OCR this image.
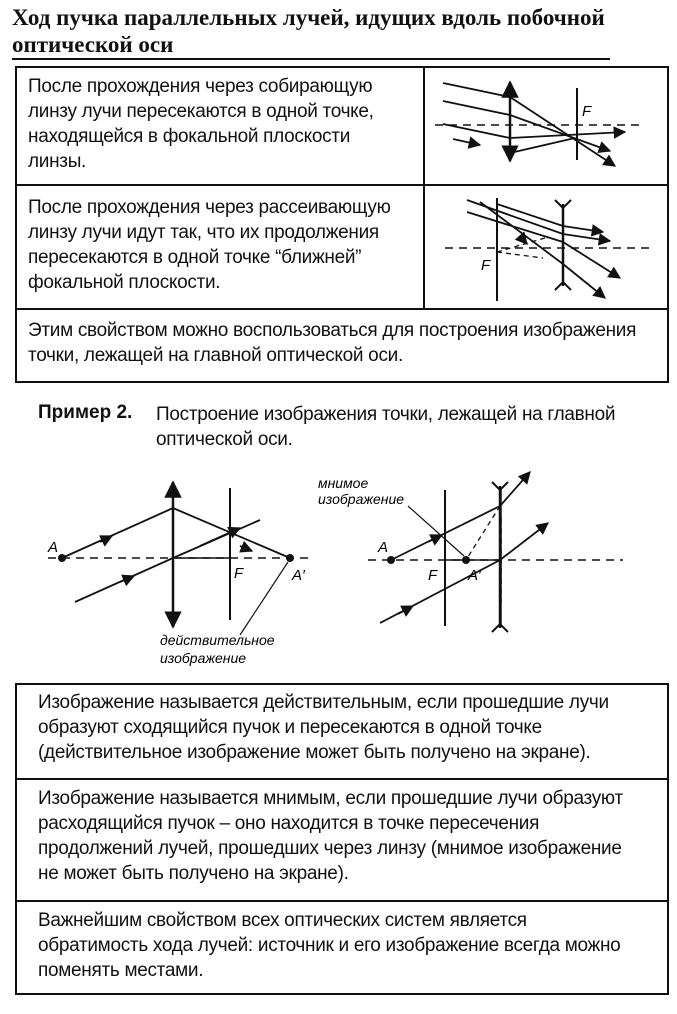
Ход пучка параллельных лучей, идущих вдоль побочной оптической оси
После прохождения через собирающую линзу лучи пересекаются в одной точке, находящейся в фокальной плоскости линзы.
После прохождения через рассеивающую линзу лучи идут так, что их продолжения пересекаются в одной точке “ближней” фокальной плоскости.
Этим свойством можно воспользоваться для построения изображения точки, лежащей на главной оптической оси.
F
F
Пример 2. Построение изображения точки, лежащей на главной оптической оси.
A
F	A′
действительное
изображение
мнимое
изображение
A
F A′
Изображение называется действительным, если прошедшие лучи образуют сходящийся пучок и пересекаются в одной точке (действительное изображение может быть получено на экране).
Изображение называется мнимым, если прошедшие лучи образуют расходящийся пучок – оно находится в точке пересечения продолжений лучей, прошедших через линзу (мнимое изображение не может быть получено на экране).
Важнейшим свойством всех оптических систем является обратимость хода лучей: источник и его изображение всегда можно поменять местами.
